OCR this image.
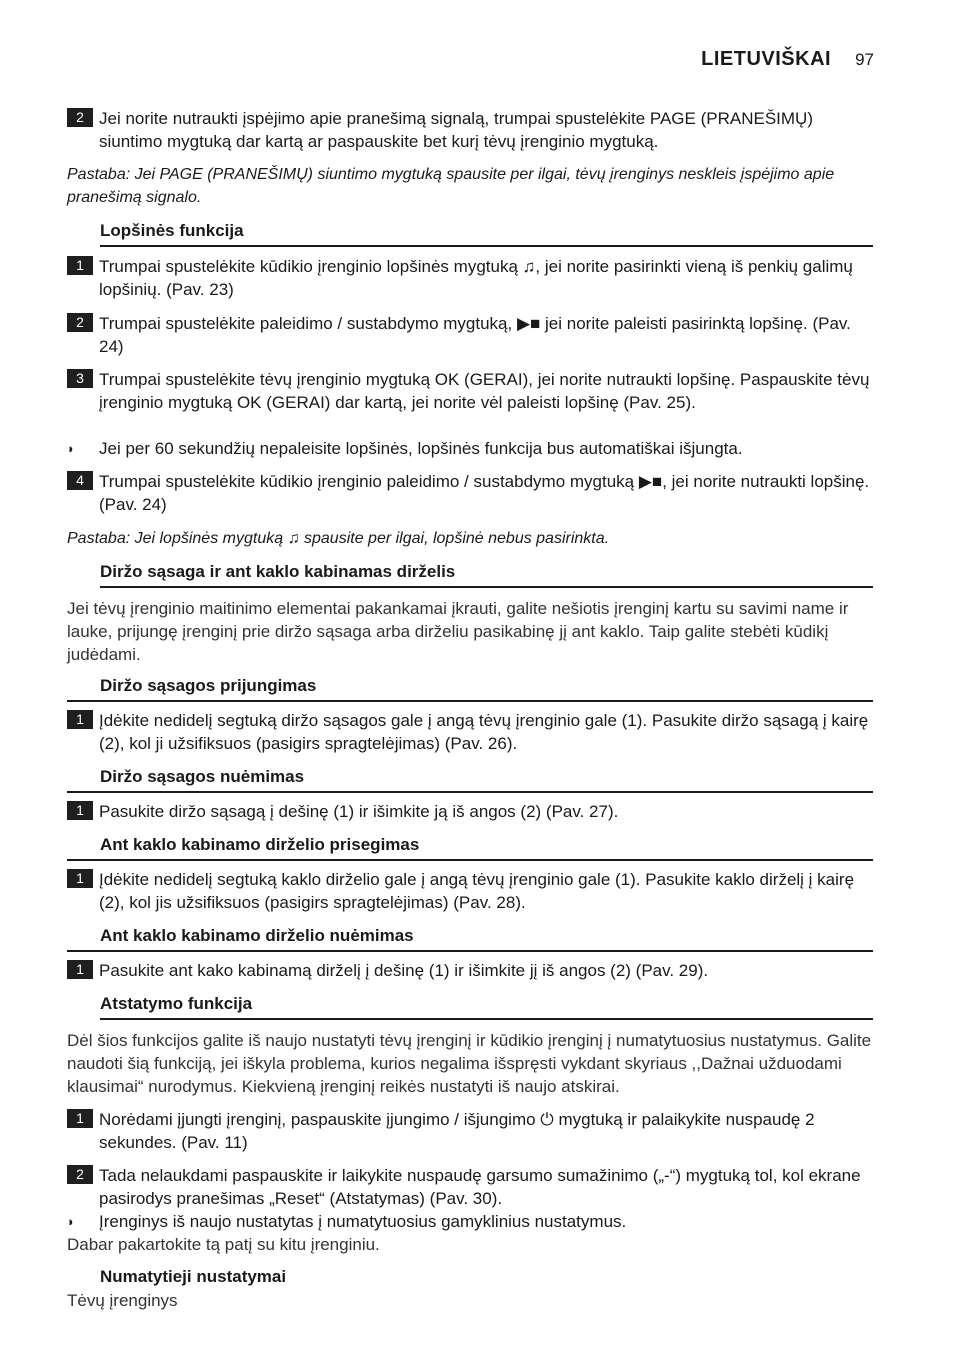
LIETUVIŠKAI 97
2 Jei norite nutraukti įspėjimo apie pranešimą signalą, trumpai spustelėkite PAGE (PRANEŠIMŲ) siuntimo mygtuką dar kartą ar paspauskite bet kurį tėvų įrenginio mygtuką.
Pastaba: Jei PAGE (PRANEŠIMŲ) siuntimo mygtuką spausite per ilgai, tėvų įrenginys neskleis įspėjimo apie pranešimą signalo.
Lopšinės funkcija
1 Trumpai spustelėkite kūdikio įrenginio lopšinės mygtuką ♫, jei norite pasirinkti vieną iš penkių galimų lopšinių. (Pav. 23)
2 Trumpai spustelėkite paleidimo / sustabdymo mygtuką, ▶■ jei norite paleisti pasirinktą lopšinę. (Pav. 24)
3 Trumpai spustelėkite tėvų įrenginio mygtuką OK (GERAI), jei norite nutraukti lopšinę. Paspauskite tėvų įrenginio mygtuką OK (GERAI) dar kartą, jei norite vėl paleisti lopšinę (Pav. 25).
◗	Jei per 60 sekundžių nepaleisite lopšinės, lopšinės funkcija bus automatiškai išjungta.
4 Trumpai spustelėkite kūdikio įrenginio paleidimo / sustabdymo mygtuką ▶■, jei norite nutraukti lopšinę. (Pav. 24)
Pastaba: Jei lopšinės mygtuką ♫ spausite per ilgai, lopšinė nebus pasirinkta.
Diržo sąsaga ir ant kaklo kabinamas dirželis
Jei tėvų įrenginio maitinimo elementai pakankamai įkrauti, galite nešiotis įrenginį kartu su savimi name ir lauke, prijungę įrenginį prie diržo sąsaga arba dirželiu pasikabinę jį ant kaklo. Taip galite stebėti kūdikį judėdami.
Diržo sąsagos prijungimas
1 Įdėkite nedidelį segtuką diržo sąsagos gale į angą tėvų įrenginio gale (1). Pasukite diržo sąsagą į kairę (2), kol ji užsifiksuos (pasigirs spragtelėjimas) (Pav. 26).
Diržo sąsagos nuėmimas
1 Pasukite diržo sąsagą į dešinę (1) ir išimkite ją iš angos (2) (Pav. 27).
Ant kaklo kabinamo dirželio prisegimas
1 Įdėkite nedidelį segtuką kaklo dirželio gale į angą tėvų įrenginio gale (1). Pasukite kaklo dirželį į kairę (2), kol jis užsifiksuos (pasigirs spragtelėjimas) (Pav. 28).
Ant kaklo kabinamo dirželio nuėmimas
1 Pasukite ant kako kabinamą dirželį į dešinę (1) ir išimkite jį iš angos (2) (Pav. 29).
Atstatymo funkcija
Dėl šios funkcijos galite iš naujo nustatyti tėvų įrenginį ir kūdikio įrenginį į numatytuosius nustatymus. Galite naudoti šią funkciją, jei iškyla problema, kurios negalima išspręsti vykdant skyriaus ,,Dažnai užduodami klausimai“ nurodymus. Kiekvieną įrenginį reikės nustatyti iš naujo atskirai.
1 Norėdami įjungti įrenginį, paspauskite įjungimo / išjungimo ⏻ mygtuką ir palaikykite nuspaudę 2 sekundes. (Pav. 11)
2 Tada nelaukdami paspauskite ir laikykite nuspaudę garsumo sumažinimo („-“) mygtuką tol, kol ekrane pasirodys pranešimas „Reset“ (Atstatymas) (Pav. 30).
◗	Įrenginys iš naujo nustatytas į numatytuosius gamyklinius nustatymus.
Dabar pakartokite tą patį su kitu įrenginiu.
Numatytieji nustatymai
Tėvų įrenginys
